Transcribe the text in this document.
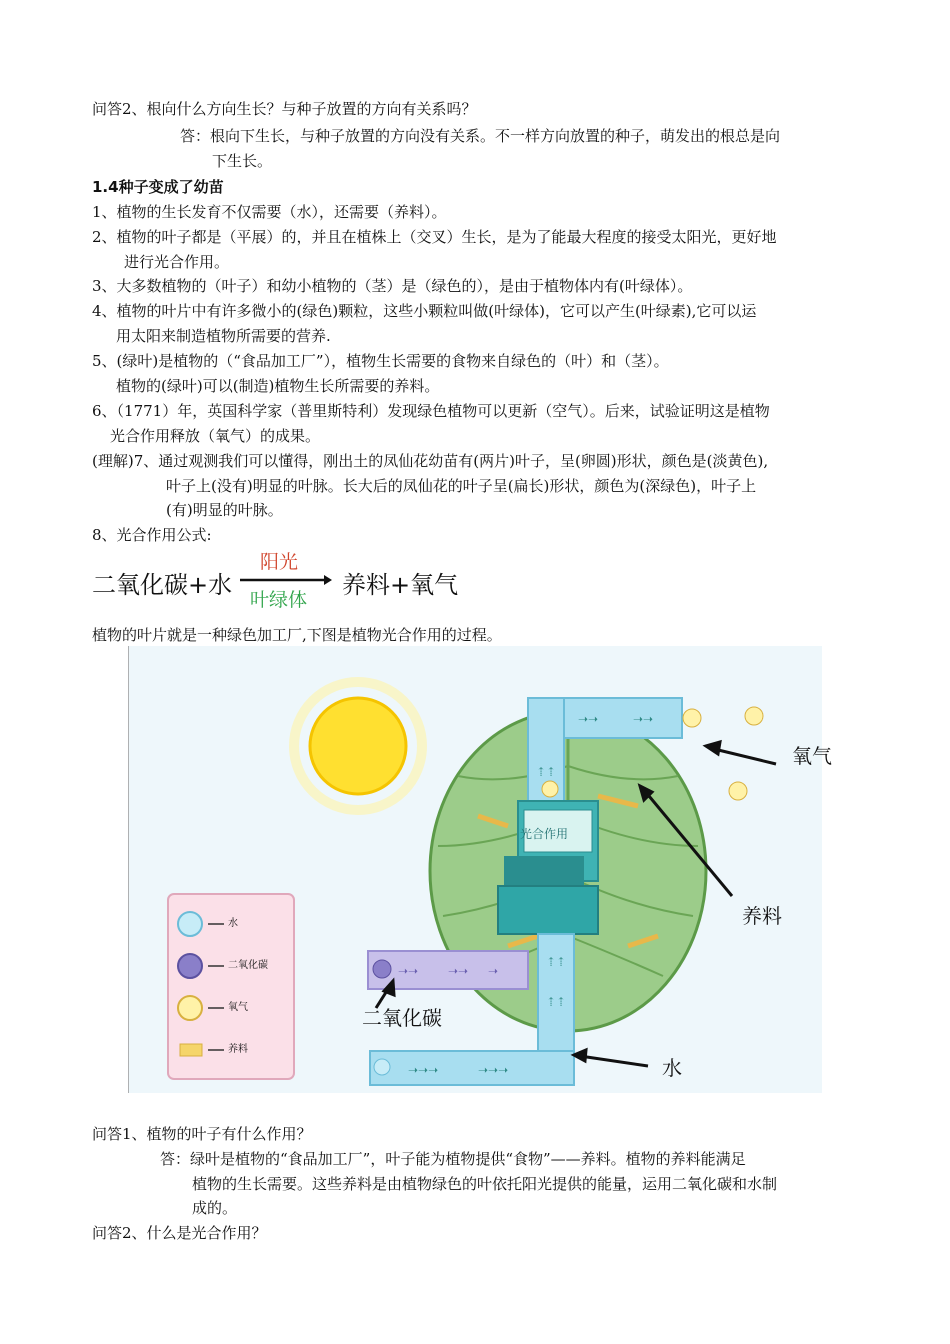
问答2、根向什么方向生长？与种子放置的方向有关系吗？
答：根向下生长，与种子放置的方向没有关系。不一样方向放置的种子，萌发出的根总是向
下生长。
1.4种子变成了幼苗
1、植物的生长发育不仅需要（水），还需要（养料）。
2、植物的叶子都是（平展）的，并且在植株上（交叉）生长，是为了能最大程度的接受太阳光，更好地
进行光合作用。
3、大多数植物的（叶子）和幼小植物的（茎）是（绿色的），是由于植物体内有(叶绿体）。
4、植物的叶片中有许多微小的(绿色)颗粒，这些小颗粒叫做(叶绿体)，它可以产生(叶绿素),它可以运
用太阳来制造植物所需要的营养.
5、(绿叶)是植物的（“食品加工厂”），植物生长需要的食物来自绿色的（叶）和（茎）。
植物的(绿叶)可以(制造)植物生长所需要的养料。
6、（1771）年，英国科学家（普里斯特利）发现绿色植物可以更新（空气）。后来，试验证明这是植物
光合作用释放（氧气）的成果。
(理解)7、通过观测我们可以懂得，刚出土的凤仙花幼苗有(两片)叶子，呈(卵圆)形状，颜色是(淡黄色),
叶子上(没有)明显的叶脉。长大后的凤仙花的叶子呈(扁长)形状，颜色为(深绿色)，叶子上
(有)明显的叶脉。
8、光合作用公式:
二氧化碳+水
阳光
叶绿体
养料+氧气
植物的叶片就是一种绿色加工厂,下图是植物光合作用的过程。
➝➝	➝➝
⇡⇡
➝➝ ➝➝ ➝
⇡⇡
⇡⇡
➝➝➝	➝➝➝
光合作用
水
二氧化碳
氧气
养料
氧气
养料
二氧化碳
水
问答1、植物的叶子有什么作用？
答：绿叶是植物的“食品加工厂”，叶子能为植物提供“食物”——养料。植物的养料能满足
植物的生长需要。这些养料是由植物绿色的叶依托阳光提供的能量，运用二氧化碳和水制
成的。
问答2、什么是光合作用？
